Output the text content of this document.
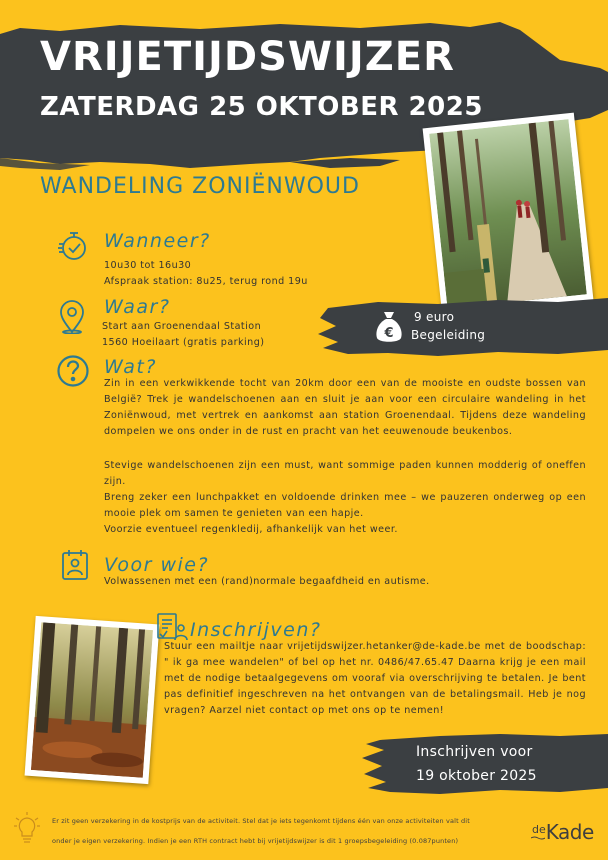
VRIJETIJDSWIJZER
ZATERDAG 25 OKTOBER 2025
WANDELING ZONIËNWOUD
Wanneer?
10u30 tot 16u30
Afspraak station: 8u25, terug rond 19u
Waar?
Start aan Groenendaal Station
1560 Hoeilaart (gratis parking)
€
9 euro
Begeleiding
Wat?
Zin in een verkwikkende tocht van 20km door een van de mooiste en oudste bossen van België? Trek je wandelschoenen aan en sluit je aan voor een circulaire wandeling in het Zoniënwoud, met vertrek en aankomst aan station Groenendaal. Tijdens deze wandeling dompelen we ons onder in de rust en pracht van het eeuwenoude beukenbos.
Stevige wandelschoenen zijn een must, want sommige paden kunnen modderig of oneffen zijn.
Breng zeker een lunchpakket en voldoende drinken mee – we pauzeren onderweg op een mooie plek om samen te genieten van een hapje.
Voorzie eventueel regenkledij, afhankelijk van het weer.
Voor wie?
Volwassenen met een (rand)normale begaafdheid en autisme.
Inschrijven?
Stuur een mailtje naar vrijetijdswijzer.hetanker@de-kade.be met de boodschap: " ik ga mee wandelen" of bel op het nr. 0486/47.65.47 Daarna krijg je een mail met de nodige betaalgegevens om vooraf via overschrijving te betalen. Je bent pas definitief ingeschreven na het ontvangen van de betalingsmail. Heb je nog vragen? Aarzel niet contact op met ons op te nemen!
Inschrijven voor
19 oktober 2025
Er zit geen verzekering in de kostprijs van de activiteit. Stel dat je iets tegenkomt tijdens één van onze activiteiten valt dit
onder je eigen verzekering. Indien je een RTH contract hebt bij vrijetijdswijzer is dit 1 groepsbegeleiding (0.087punten)
$^{de}$Kade
